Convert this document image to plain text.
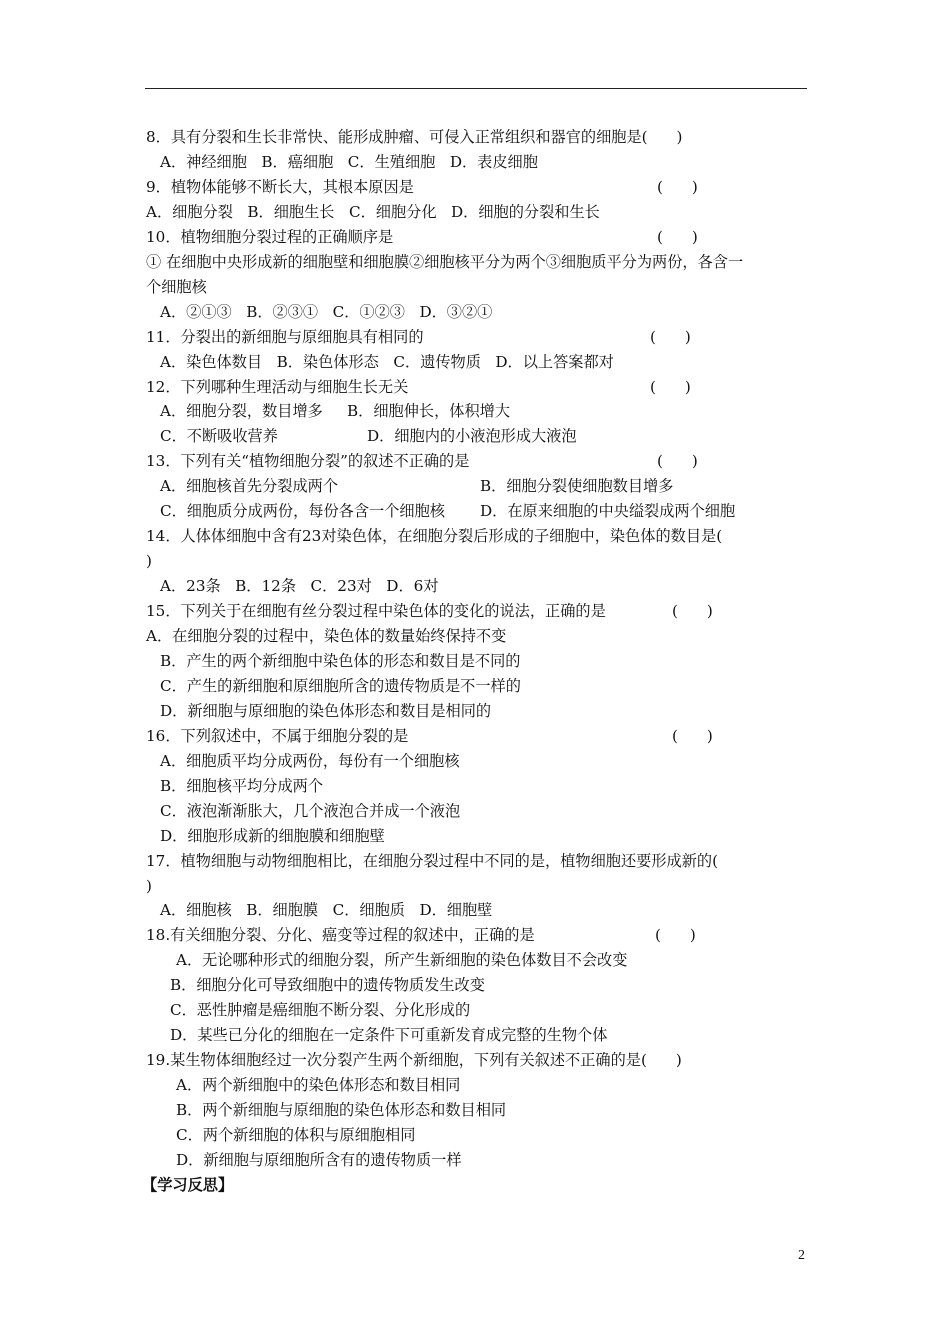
8．具有分裂和生长非常快、能形成肿瘤、可侵入正常组织和器官的细胞是(      )
A．神经细胞   B．癌细胞   C．生殖细胞   D．表皮细胞
9．植物体能够不断长大，其根本原因是	(      )
A．细胞分裂   B．细胞生长   C．细胞分化   D．细胞的分裂和生长
10．植物细胞分裂过程的正确顺序是	(      )
① 在细胞中央形成新的细胞壁和细胞膜②细胞核平分为两个③细胞质平分为两份，各含一
个细胞核
A．②①③   B．②③①   C．①②③   D．③②①
11．分裂出的新细胞与原细胞具有相同的	(      )
A．染色体数目   B．染色体形态   C．遗传物质   D．以上答案都对
12．下列哪种生理活动与细胞生长无关	(      )
A．细胞分裂，数目增多     B．细胞伸长，体积增大
C．不断吸收营养	D．细胞内的小液泡形成大液泡
13．下列有关“植物细胞分裂”的叙述不正确的是	(      )
A．细胞核首先分裂成两个	B．细胞分裂使细胞数目增多
C．细胞质分成两份，每份各含一个细胞核 D．在原来细胞的中央缢裂成两个细胞
14．人体体细胞中含有23对染色体，在细胞分裂后形成的子细胞中，染色体的数目是(
)
A．23条   B．12条   C．23对   D．6对
15．下列关于在细胞有丝分裂过程中染色体的变化的说法，正确的是	(      )
A．在细胞分裂的过程中，染色体的数量始终保持不变
B．产生的两个新细胞中染色体的形态和数目是不同的
C．产生的新细胞和原细胞所含的遗传物质是不一样的
D．新细胞与原细胞的染色体形态和数目是相同的
16．下列叙述中，不属于细胞分裂的是	(      )
A．细胞质平均分成两份，每份有一个细胞核
B．细胞核平均分成两个
C．液泡渐渐胀大，几个液泡合并成一个液泡
D．细胞形成新的细胞膜和细胞壁
17．植物细胞与动物细胞相比，在细胞分裂过程中不同的是，植物细胞还要形成新的(
)
A．细胞核   B．细胞膜   C．细胞质   D．细胞壁
18.有关细胞分裂、分化、癌变等过程的叙述中，正确的是	(      )
A．无论哪种形式的细胞分裂，所产生新细胞的染色体数目不会改变
B．细胞分化可导致细胞中的遗传物质发生改变
C．恶性肿瘤是癌细胞不断分裂、分化形成的
D．某些已分化的细胞在一定条件下可重新发育成完整的生物个体
19.某生物体细胞经过一次分裂产生两个新细胞，下列有关叙述不正确的是(      )
A．两个新细胞中的染色体形态和数目相同
B．两个新细胞与原细胞的染色体形态和数目相同
C．两个新细胞的体积与原细胞相同
D．新细胞与原细胞所含有的遗传物质一样
【学习反思】
2
